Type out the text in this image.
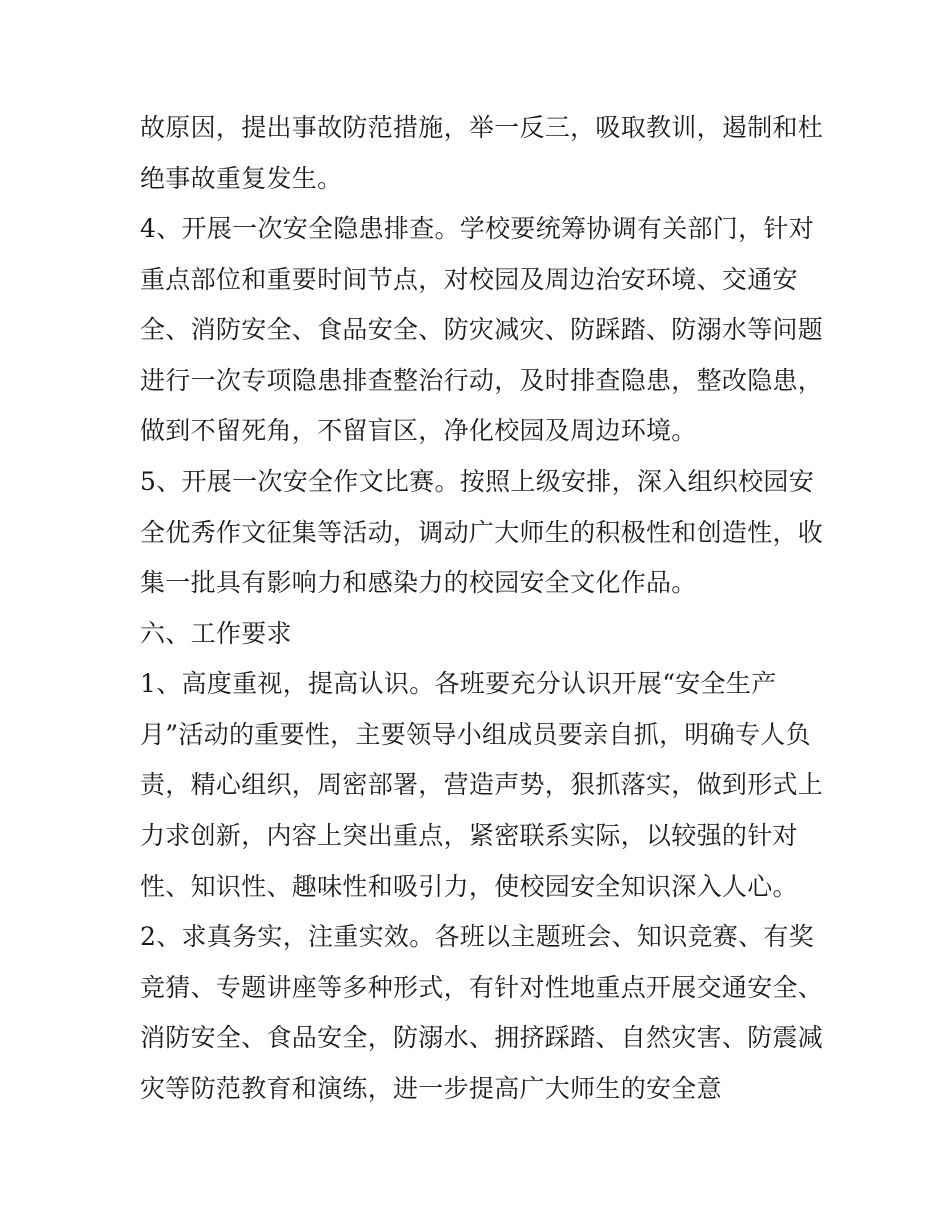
故原因，提出事故防范措施，举一反三，吸取教训，遏制和杜
绝事故重复发生。
4、开展一次安全隐患排查。学校要统筹协调有关部门，针对
重点部位和重要时间节点，对校园及周边治安环境、交通安
全、消防安全、食品安全、防灾减灾、防踩踏、防溺水等问题
进行一次专项隐患排查整治行动，及时排查隐患，整改隐患，
做到不留死角，不留盲区，净化校园及周边环境。
5、开展一次安全作文比赛。按照上级安排，深入组织校园安
全优秀作文征集等活动，调动广大师生的积极性和创造性，收
集一批具有影响力和感染力的校园安全文化作品。
六、工作要求
1、高度重视，提高认识。各班要充分认识开展“安全生产
月”活动的重要性，主要领导小组成员要亲自抓，明确专人负
责，精心组织，周密部署，营造声势，狠抓落实，做到形式上
力求创新，内容上突出重点，紧密联系实际，以较强的针对
性、知识性、趣味性和吸引力，使校园安全知识深入人心。
2、求真务实，注重实效。各班以主题班会、知识竞赛、有奖
竞猜、专题讲座等多种形式，有针对性地重点开展交通安全、
消防安全、食品安全，防溺水、拥挤踩踏、自然灾害、防震减
灾等防范教育和演练，进一步提高广大师生的安全意
